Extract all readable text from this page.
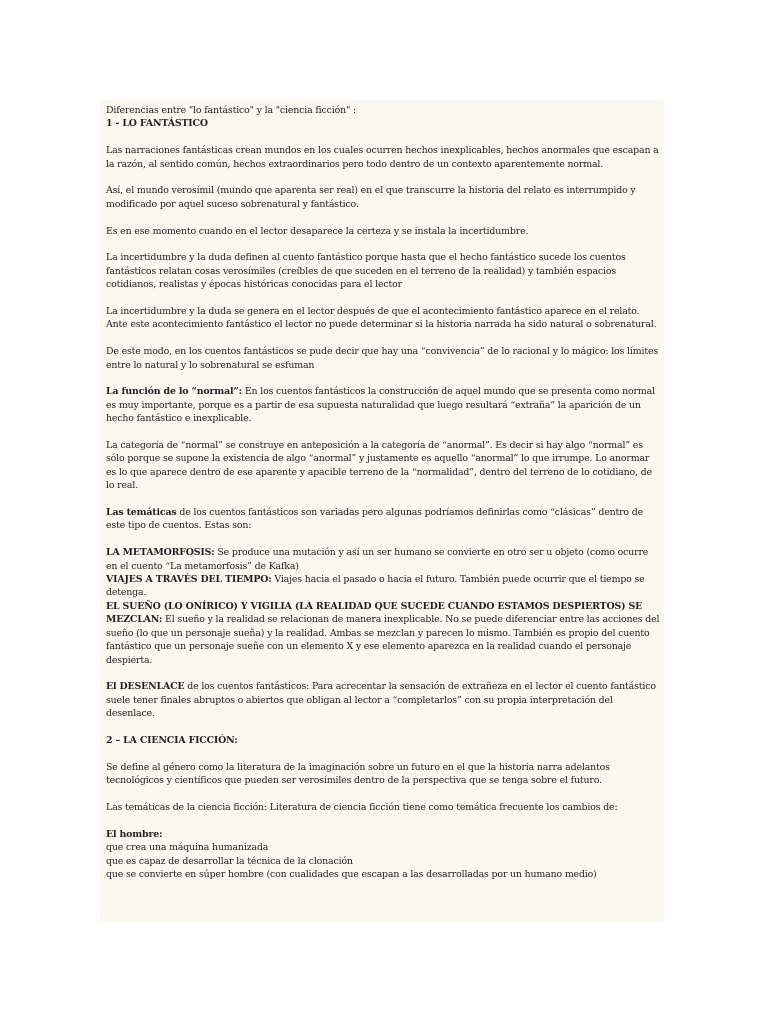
Diferencias entre "lo fantástico" y la "ciencia ficción" :
1 - LO FANTÁSTICO

Las narraciones fantásticas crean mundos en los cuales ocurren hechos inexplicables, hechos anormales que escapan a la razón, al sentido común, hechos extraordinarios pero todo dentro de un contexto aparentemente normal.

Así, el mundo verosímil (mundo que aparenta ser real) en el que transcurre la historia del relato es interrumpido y modificado por aquel suceso sobrenatural y fantástico.

Es en ese momento cuando en el lector desaparece la certeza y se instala la incertidumbre.

La incertidumbre y la duda definen al cuento fantástico porque hasta que el hecho fantástico sucede los cuentos fantásticos relatan cosas verosímiles (creíbles de que suceden en el terreno de la realidad) y también espacios cotidianos, realistas y épocas históricas conocidas para el lector

La incertidumbre y la duda se genera en el lector después de que el acontecimiento fantástico aparece en el relato. Ante este acontecimiento fantástico el lector no puede determinar si la historia narrada ha sido natural o sobrenatural.

De este modo, en los cuentos fantásticos se pude decir que hay una “convivencia” de lo racional y lo mágico: los límites entre lo natural y lo sobrenatural se esfuman

La función de lo “normal”: En los cuentos fantásticos la construcción de aquel mundo que se presenta como normal es muy importante, porque es a partir de esa supuesta naturalidad que luego resultará “extraña” la aparición de un hecho fantástico e inexplicable.

La categoría de “normal” se construye en anteposición a la categoría de “anormal”. Es decir si hay algo “normal” es sólo porque se supone la existencia de algo “anormal” y justamente es aquello “anormal” lo que irrumpe. Lo anormar es lo que aparece dentro de ese aparente y apacible terreno de la “normalidad”, dentro del terreno de lo cotidiano, de lo real.

Las temáticas de los cuentos fantásticos son variadas pero algunas podríamos definirlas como “clásicas” dentro de este tipo de cuentos. Estas son:

LA METAMORFOSIS: Se produce una mutación y así un ser humano se convierte en otro ser u objeto (como ocurre en el cuento “La metamorfosis” de Kafka)
VIAJES A TRAVÉS DEL TIEMPO: Viajes hacia el pasado o hacia el futuro. También puede ocurrir que el tiempo se detenga.
EL SUEÑO (LO ONÍRICO) Y VIGILIA (LA REALIDAD QUE SUCEDE CUANDO ESTAMOS DESPIERTOS) SE MEZCLAN: El sueño y la realidad se relacionan de manera inexplicable. No se puede diferenciar entre las acciones del sueño (lo que un personaje sueña) y la realidad. Ambas se mezclan y parecen lo mismo. También es propio del cuento fantástico que un personaje sueñe con un elemento X y ese elemento aparezca en la realidad cuando el personaje despierta.

El DESENLACE de los cuentos fantásticos: Para acrecentar la sensación de extrañeza en el lector el cuento fantástico suele tener finales abruptos o abiertos que obligan al lector a “completarlos” con su propia interpretación del desenlace.

2 – LA CIENCIA FICCIÓN:

Se define al género como la literatura de la imaginación sobre un futuro en el que la historia narra adelantos tecnológicos y científicos que pueden ser verosímiles dentro de la perspectiva que se tenga sobre el futuro.

Las temáticas de la ciencia ficción: Literatura de ciencia ficción tiene como temática frecuente los cambios de:

El hombre:
que crea una máquina humanizada
que es capaz de desarrollar la técnica de la clonación
que se convierte en súper hombre (con cualidades que escapan a las desarrolladas por un humano medio)
